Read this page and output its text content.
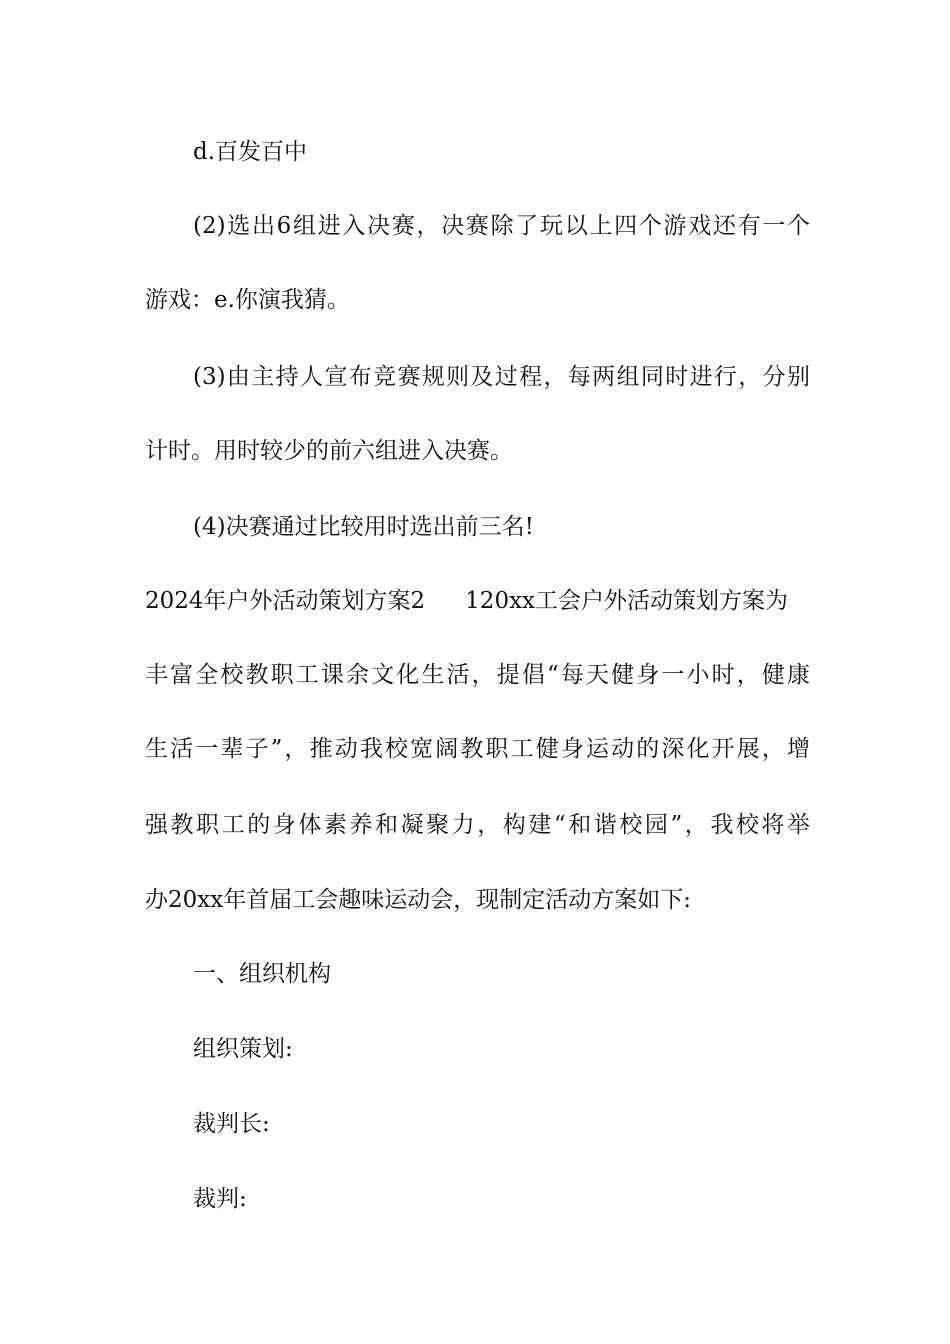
d.百发百中
(2)选出6组进入决赛，决赛除了玩以上四个游戏还有一个
游戏：e.你演我猜。
(3)由主持人宣布竞赛规则及过程，每两组同时进行，分别
计时。用时较少的前六组进入决赛。
(4)决赛通过比较用时选出前三名!
2024年户外活动策划方案2 120xx工会户外活动策划方案为
丰富全校教职工课余文化生活，提倡“每天健身一小时，健康
生活一辈子”，推动我校宽阔教职工健身运动的深化开展，增
强教职工的身体素养和凝聚力，构建“和谐校园”，我校将举
办20xx年首届工会趣味运动会，现制定活动方案如下:
一、组织机构
组织策划:
裁判长:
裁判:
